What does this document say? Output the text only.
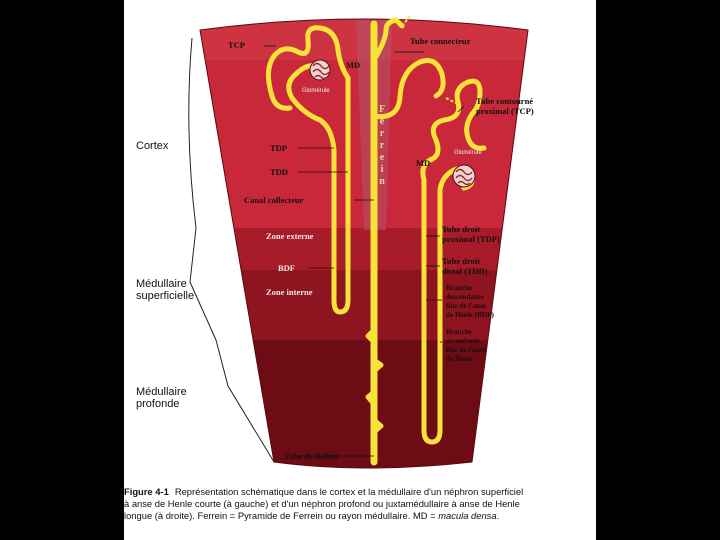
Cortex
Médullaire
superficielle
Médullaire
profonde
TCP
MD
Glomérule
Tube connecteur
Tube contourné
proximal (TCP)
F
e
r
r
e
i
n
MD
Glomérule
TDP
TDD
Canal collecteur
Zone externe
BDF
Zone interne
Tube droit
proximal (TDP)
Tube droit
distal (TDD)
Branche
descendante
fine de l'anse
de Henle (BDF)
Branche
ascendante
fine de l'anse
de Henle
Tube de Bellini
Figure 4-1 Représentation schématique dans le cortex et la médullaire d'un néphron superficiel
à anse de Henle courte (à gauche) et d'un néphron profond ou juxtamédullaire à anse de Henle
longue (à droite). Ferrein = Pyramide de Ferrein ou rayon médullaire. MD = macula densa.
